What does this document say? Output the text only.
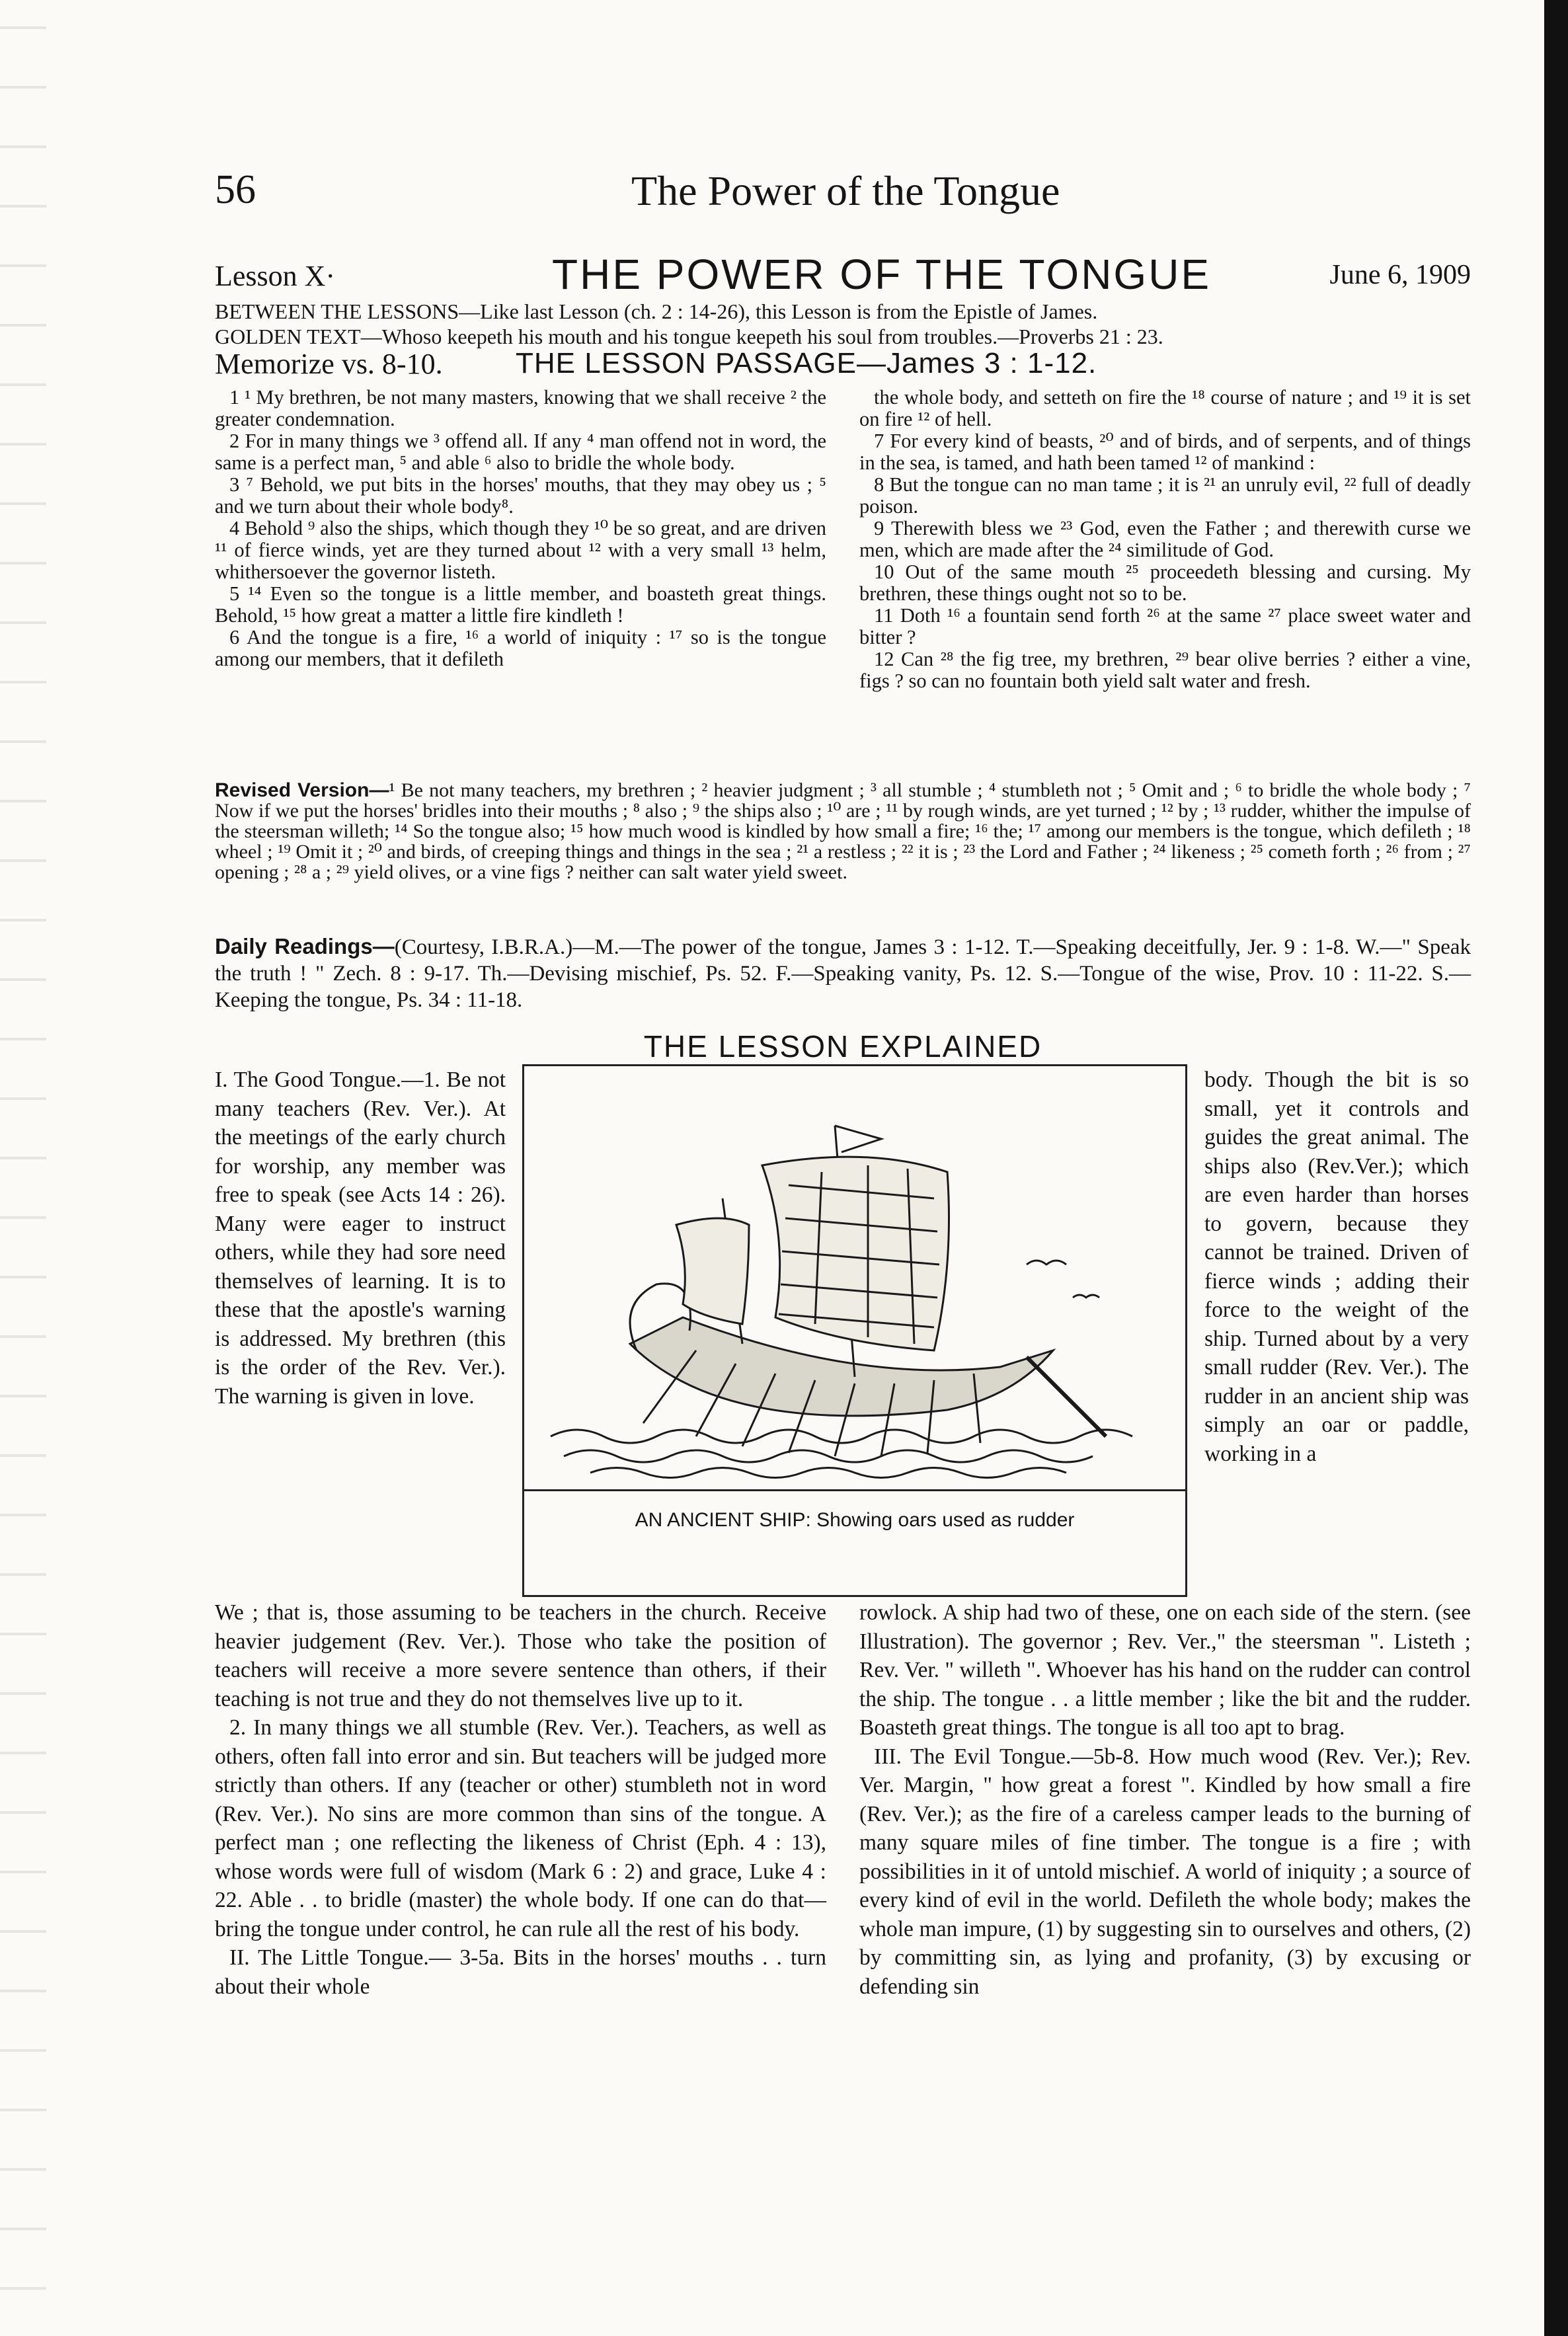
56	The Power of the Tongue
Lesson X·	THE POWER OF THE TONGUE	June 6, 1909

BETWEEN THE LESSONS—Like last Lesson (ch. 2 : 14-26), this Lesson is from the Epistle of James.

GOLDEN TEXT—Whoso keepeth his mouth and his tongue keepeth his soul from troubles.—Proverbs 21 : 23.

Memorize vs. 8-10.	THE LESSON PASSAGE—James 3 : 1-12.

1 ¹ My brethren, be not many masters, knowing that we shall receive ² the greater condemnation.

2 For in many things we ³ offend all. If any ⁴ man offend not in word, the same is a perfect man, ⁵ and able ⁶ also to bridle the whole body.

3 ⁷ Behold, we put bits in the horses' mouths, that they may obey us ; ⁵ and we turn about their whole body⁸.

4 Behold ⁹ also the ships, which though they ¹⁰ be so great, and are driven ¹¹ of fierce winds, yet are they turned about ¹² with a very small ¹³ helm, whithersoever the governor listeth.

5 ¹⁴ Even so the tongue is a little member, and boasteth great things. Behold, ¹⁵ how great a matter a little fire kindleth !

6 And the tongue is a fire, ¹⁶ a world of iniquity : ¹⁷ so is the tongue among our members, that it defileth

the whole body, and setteth on fire the ¹⁸ course of nature ; and ¹⁹ it is set on fire ¹² of hell.

7 For every kind of beasts, ²⁰ and of birds, and of serpents, and of things in the sea, is tamed, and hath been tamed ¹² of mankind :

8 But the tongue can no man tame ; it is ²¹ an unruly evil, ²² full of deadly poison.

9 Therewith bless we ²³ God, even the Father ; and therewith curse we men, which are made after the ²⁴ similitude of God.

10 Out of the same mouth ²⁵ proceedeth blessing and cursing. My brethren, these things ought not so to be.

11 Doth ¹⁶ a fountain send forth ²⁶ at the same ²⁷ place sweet water and bitter ?

12 Can ²⁸ the fig tree, my brethren, ²⁹ bear olive berries ? either a vine, figs ? so can no fountain both yield salt water and fresh.

Revised Version—¹ Be not many teachers, my brethren ; ² heavier judgment ; ³ all stumble ; ⁴ stumbleth not ; ⁵ Omit and ; ⁶ to bridle the whole body ; ⁷ Now if we put the horses' bridles into their mouths ; ⁸ also ; ⁹ the ships also ; ¹⁰ are ; ¹¹ by rough winds, are yet turned ; ¹² by ; ¹³ rudder, whither the impulse of the steersman willeth; ¹⁴ So the tongue also; ¹⁵ how much wood is kindled by how small a fire; ¹⁶ the; ¹⁷ among our members is the tongue, which defileth ; ¹⁸ wheel ; ¹⁹ Omit it ; ²⁰ and birds, of creeping things and things in the sea ; ²¹ a restless ; ²² it is ; ²³ the Lord and Father ; ²⁴ likeness ; ²⁵ cometh forth ; ²⁶ from ; ²⁷ opening ; ²⁸ a ; ²⁹ yield olives, or a vine figs ? neither can salt water yield sweet.

Daily Readings—(Courtesy, I.B.R.A.)—M.—The power of the tongue, James 3 : 1-12. T.—Speaking deceitfully, Jer. 9 : 1-8. W.—" Speak the truth ! " Zech. 8 : 9-17. Th.—Devising mischief, Ps. 52. F.—Speaking vanity, Ps. 12. S.—Tongue of the wise, Prov. 10 : 11-22. S.—Keeping the tongue, Ps. 34 : 11-18.

THE LESSON EXPLAINED

I. The Good Tongue.—1. Be not many teachers (Rev. Ver.). At the meetings of the early church for worship, any member was free to speak (see Acts 14 : 26). Many were eager to instruct others, while they had sore need themselves of learning. It is to these that the apostle's warning is addressed. My brethren (this is the order of the Rev. Ver.). The warning is given in love.

AN ANCIENT SHIP: Showing oars used as rudder

body. Though the bit is so small, yet it controls and guides the great animal. The ships also (Rev.Ver.); which are even harder than horses to govern, because they cannot be trained. Driven of fierce winds ; adding their force to the weight of the ship. Turned about by a very small rudder (Rev. Ver.). The rudder in an ancient ship was simply an oar or paddle, working in a

We ; that is, those assuming to be teachers in the church. Receive heavier judgement (Rev. Ver.). Those who take the position of teachers will receive a more severe sentence than others, if their teaching is not true and they do not themselves live up to it.

2. In many things we all stumble (Rev. Ver.). Teachers, as well as others, often fall into error and sin. But teachers will be judged more strictly than others. If any (teacher or other) stumbleth not in word (Rev. Ver.). No sins are more common than sins of the tongue. A perfect man ; one reflecting the likeness of Christ (Eph. 4 : 13), whose words were full of wisdom (Mark 6 : 2) and grace, Luke 4 : 22. Able . . to bridle (master) the whole body. If one can do that—bring the tongue under control, he can rule all the rest of his body.

II. The Little Tongue.— 3-5a. Bits in the horses' mouths . . turn about their whole

rowlock. A ship had two of these, one on each side of the stern. (see Illustration). The governor ; Rev. Ver.," the steersman ". Listeth ; Rev. Ver. " willeth ". Whoever has his hand on the rudder can control the ship. The tongue . . a little member ; like the bit and the rudder. Boasteth great things. The tongue is all too apt to brag.

III. The Evil Tongue.—5b-8. How much wood (Rev. Ver.); Rev. Ver. Margin, " how great a forest ". Kindled by how small a fire (Rev. Ver.); as the fire of a careless camper leads to the burning of many square miles of fine timber. The tongue is a fire ; with possibilities in it of untold mischief. A world of iniquity ; a source of every kind of evil in the world. Defileth the whole body; makes the whole man impure, (1) by suggesting sin to ourselves and others, (2) by committing sin, as lying and profanity, (3) by excusing or defending sin
